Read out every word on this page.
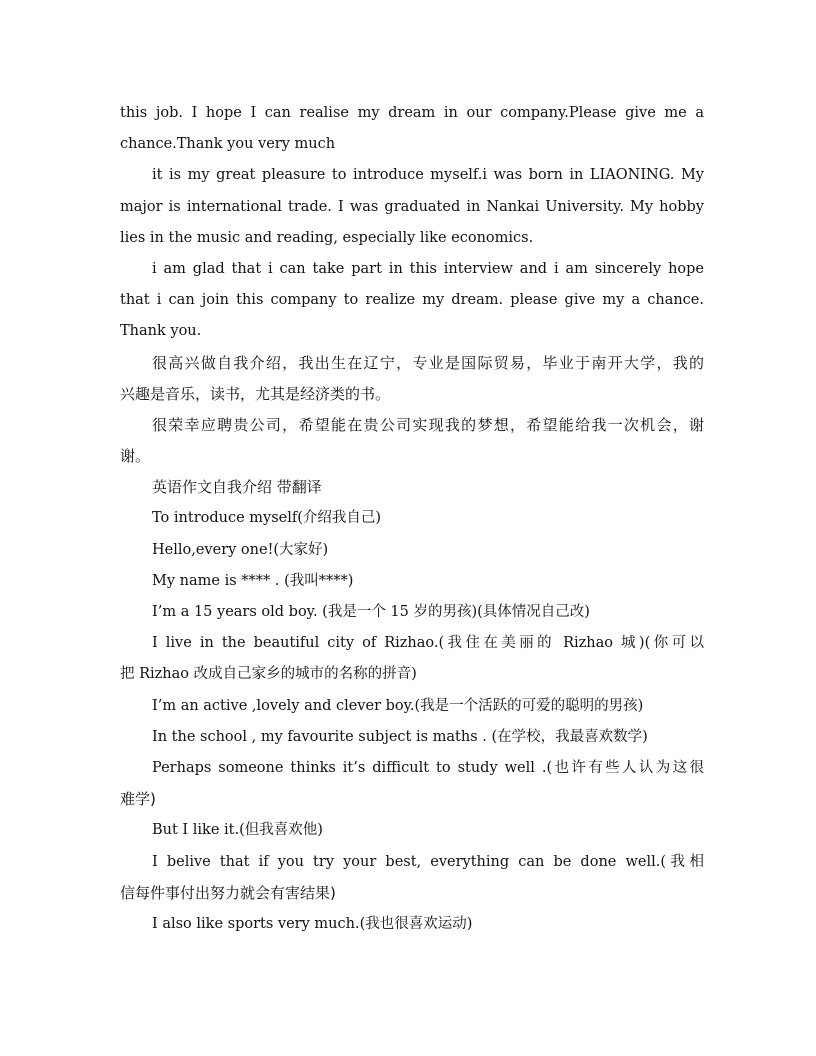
this job. I hope I can realise my dream in our company.Please give me a
chance.Thank you very much
it is my great pleasure to introduce myself.i was born in LIAONING. My
major is international trade. I was graduated in Nankai University. My hobby
lies in the music and reading, especially like economics.
i am glad that i can take part in this interview and i am sincerely hope
that i can join this company to realize my dream. please give my a chance.
Thank you.
很高兴做自我介绍，我出生在辽宁，专业是国际贸易，毕业于南开大学，我的
兴趣是音乐，读书，尤其是经济类的书。
很荣幸应聘贵公司，希望能在贵公司实现我的梦想，希望能给我一次机会，谢
谢。
英语作文自我介绍 带翻译
To introduce myself(介绍我自己)
Hello,every one!(大家好)
My name is **** . (我叫****)
I’m a 15 years old boy. (我是一个 15 岁的男孩)(具体情况自己改)
I live in the beautiful city of Rizhao.(我住在美丽的 Rizhao 城)(你可以
把 Rizhao 改成自己家乡的城市的名称的拼音)
I’m an active ,lovely and clever boy.(我是一个活跃的可爱的聪明的男孩)
In the school , my favourite subject is maths . (在学校，我最喜欢数学)
Perhaps someone thinks it’s difficult to study well .(也许有些人认为这很
难学)
But I like it.(但我喜欢他)
I belive that if you try your best, everything can be done well.(我相
信每件事付出努力就会有害结果)
I also like sports very much.(我也很喜欢运动)
